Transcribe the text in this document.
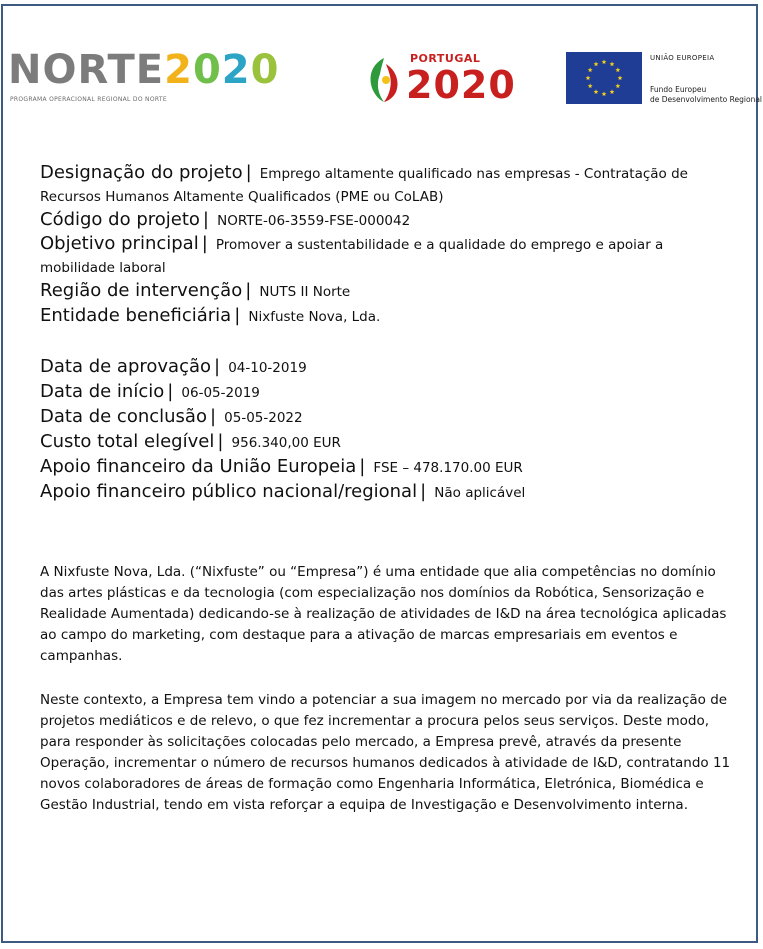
NORTE2020
PROGRAMA OPERACIONAL REGIONAL DO NORTE
PORTUGAL
2020
UNIÃO EUROPEIA
Fundo Europeu
de Desenvolvimento Regional
Designação do projeto | Emprego altamente qualificado nas empresas - Contratação de Recursos Humanos Altamente Qualificados (PME ou CoLAB)
Código do projeto | NORTE-06-3559-FSE-000042
Objetivo principal | Promover a sustentabilidade e a qualidade do emprego e apoiar a mobilidade laboral
Região de intervenção | NUTS II Norte
Entidade beneficiária | Nixfuste Nova, Lda.
Data de aprovação | 04-10-2019
Data de início | 06-05-2019
Data de conclusão | 05-05-2022
Custo total elegível | 956.340,00 EUR
Apoio financeiro da União Europeia | FSE – 478.170.00 EUR
Apoio financeiro público nacional/regional | Não aplicável
A Nixfuste Nova, Lda. (“Nixfuste” ou “Empresa”) é uma entidade que alia competências no domínio das artes plásticas e da tecnologia (com especialização nos domínios da Robótica, Sensorização e Realidade Aumentada) dedicando-se à realização de atividades de I&D na área tecnológica aplicadas ao campo do marketing, com destaque para a ativação de marcas empresariais em eventos e campanhas.
Neste contexto, a Empresa tem vindo a potenciar a sua imagem no mercado por via da realização de projetos mediáticos e de relevo, o que fez incrementar a procura pelos seus serviços. Deste modo, para responder às solicitações colocadas pelo mercado, a Empresa prevê, através da presente Operação, incrementar o número de recursos humanos dedicados à atividade de I&D, contratando 11 novos colaboradores de áreas de formação como Engenharia Informática, Eletrónica, Biomédica e Gestão Industrial, tendo em vista reforçar a equipa de Investigação e Desenvolvimento interna.
